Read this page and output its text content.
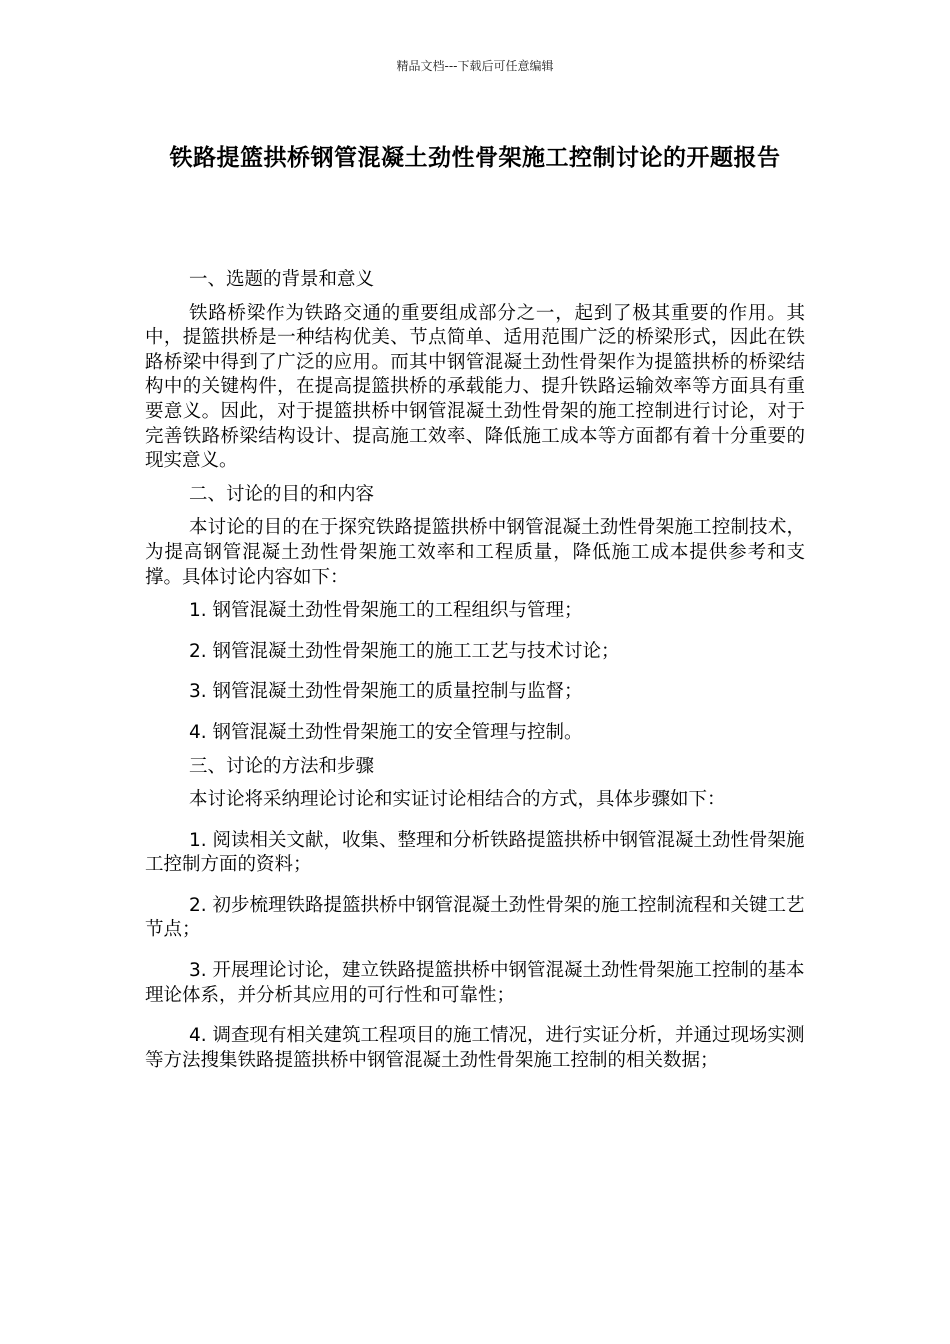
精品文档---下载后可任意编辑
铁路提篮拱桥钢管混凝土劲性骨架施工控制讨论的开题报告

一、选题的背景和意义

铁路桥梁作为铁路交通的重要组成部分之一，起到了极其重要的作用。其中，提篮拱桥是一种结构优美、节点简单、适用范围广泛的桥梁形式，因此在铁路桥梁中得到了广泛的应用。而其中钢管混凝土劲性骨架作为提篮拱桥的桥梁结构中的关键构件，在提高提篮拱桥的承载能力、提升铁路运输效率等方面具有重要意义。因此，对于提篮拱桥中钢管混凝土劲性骨架的施工控制进行讨论，对于完善铁路桥梁结构设计、提高施工效率、降低施工成本等方面都有着十分重要的现实意义。

二、讨论的目的和内容

本讨论的目的在于探究铁路提篮拱桥中钢管混凝土劲性骨架施工控制技术，为提高钢管混凝土劲性骨架施工效率和工程质量，降低施工成本提供参考和支撑。具体讨论内容如下：

1. 钢管混凝土劲性骨架施工的工程组织与管理；

2. 钢管混凝土劲性骨架施工的施工工艺与技术讨论；

3. 钢管混凝土劲性骨架施工的质量控制与监督；

4. 钢管混凝土劲性骨架施工的安全管理与控制。

三、讨论的方法和步骤

本讨论将采纳理论讨论和实证讨论相结合的方式，具体步骤如下：

1. 阅读相关文献，收集、整理和分析铁路提篮拱桥中钢管混凝土劲性骨架施工控制方面的资料；

2. 初步梳理铁路提篮拱桥中钢管混凝土劲性骨架的施工控制流程和关键工艺节点；

3. 开展理论讨论，建立铁路提篮拱桥中钢管混凝土劲性骨架施工控制的基本理论体系，并分析其应用的可行性和可靠性；

4. 调查现有相关建筑工程项目的施工情况，进行实证分析，并通过现场实测等方法搜集铁路提篮拱桥中钢管混凝土劲性骨架施工控制的相关数据；
